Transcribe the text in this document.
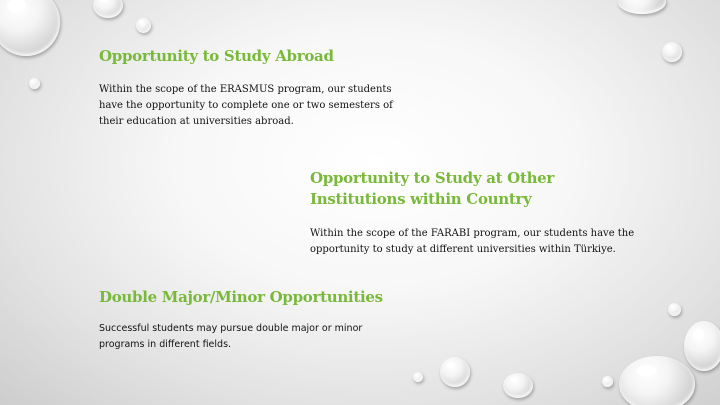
Opportunity to Study Abroad

Within the scope of the ERASMUS program, our students have the opportunity to complete one or two semesters of their education at universities abroad.

Opportunity to Study at Other Institutions within Country

Within the scope of the FARABI program, our students have the opportunity to study at different universities within Türkiye.

Double Major/Minor Opportunities

Successful students may pursue double major or minor programs in different fields.
